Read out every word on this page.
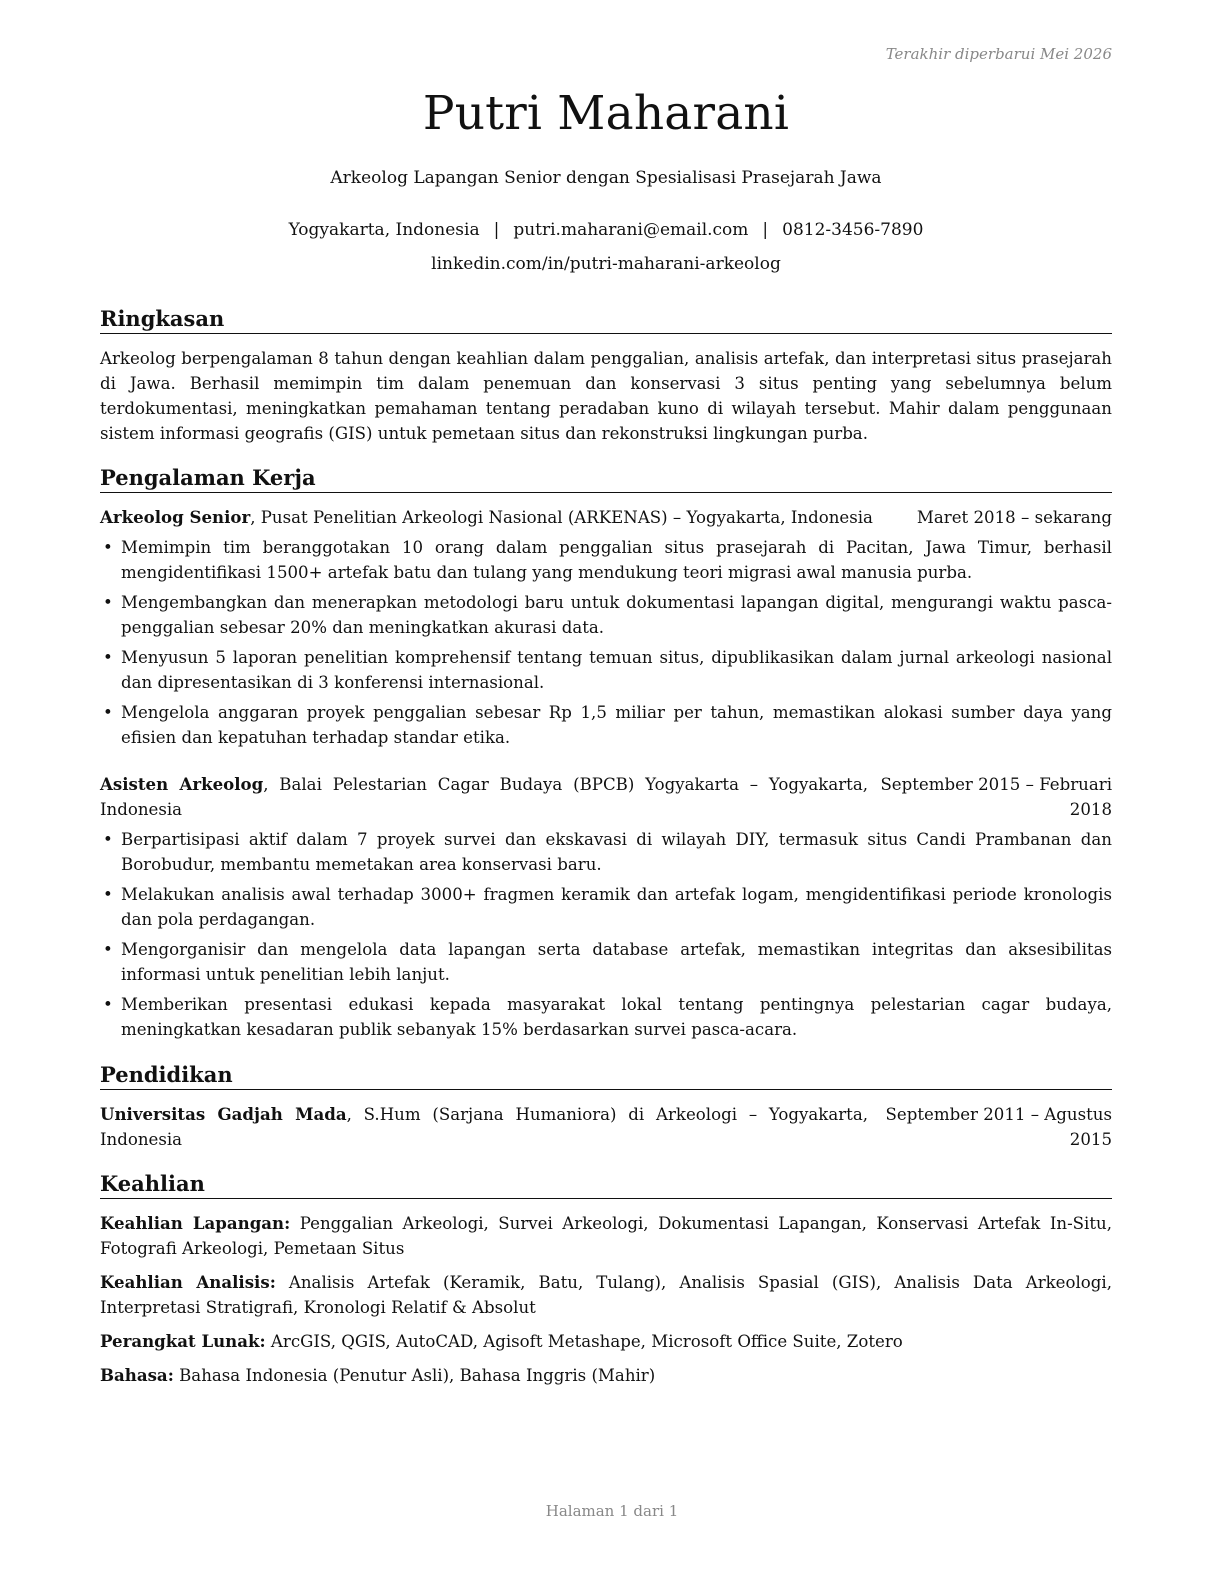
Terakhir diperbarui Mei 2026
Putri Maharani
Arkeolog Lapangan Senior dengan Spesialisasi Prasejarah Jawa
Yogyakarta, Indonesia | putri.maharani@email.com | 0812-3456-7890
linkedin.com/in/putri-maharani-arkeolog
Ringkasan

Arkeolog berpengalaman 8 tahun dengan keahlian dalam penggalian, analisis artefak, dan interpretasi situs prasejarah di Jawa. Berhasil memimpin tim dalam penemuan dan konservasi 3 situs penting yang sebelumnya belum terdokumentasi, meningkatkan pemahaman tentang peradaban kuno di wilayah tersebut. Mahir dalam penggunaan sistem informasi geografis (GIS) untuk pemetaan situs dan rekonstruksi lingkungan purba.

Pengalaman Kerja
Arkeolog Senior, Pusat Penelitian Arkeologi Nasional (ARKENAS) – Yogyakarta, Indonesia	Maret 2018 – sekarang
• Memimpin tim beranggotakan 10 orang dalam penggalian situs prasejarah di Pacitan, Jawa Timur, berhasil mengidentifikasi 1500+ artefak batu dan tulang yang mendukung teori migrasi awal manusia purba.
• Mengembangkan dan menerapkan metodologi baru untuk dokumentasi lapangan digital, mengurangi waktu pasca-penggalian sebesar 20% dan meningkatkan akurasi data.
• Menyusun 5 laporan penelitian komprehensif tentang temuan situs, dipublikasikan dalam jurnal arkeologi nasional dan dipresentasikan di 3 konferensi internasional.
• Mengelola anggaran proyek penggalian sebesar Rp 1,5 miliar per tahun, memastikan alokasi sumber daya yang efisien dan kepatuhan terhadap standar etika.
Asisten Arkeolog, Balai Pelestarian Cagar Budaya (BPCB) Yogyakarta – Yogyakarta, Indonesia
September 2015 – Februari 2018
• Berpartisipasi aktif dalam 7 proyek survei dan ekskavasi di wilayah DIY, termasuk situs Candi Prambanan dan Borobudur, membantu memetakan area konservasi baru.
• Melakukan analisis awal terhadap 3000+ fragmen keramik dan artefak logam, mengidentifikasi periode kronologis dan pola perdagangan.
• Mengorganisir dan mengelola data lapangan serta database artefak, memastikan integritas dan aksesibilitas informasi untuk penelitian lebih lanjut.
• Memberikan presentasi edukasi kepada masyarakat lokal tentang pentingnya pelestarian cagar budaya, meningkatkan kesadaran publik sebanyak 15% berdasarkan survei pasca-acara.
Pendidikan
Universitas Gadjah Mada, S.Hum (Sarjana Humaniora) di Arkeologi – Yogyakarta, Indonesia
September 2011 – Agustus 2015
Keahlian
Keahlian Lapangan: Penggalian Arkeologi, Survei Arkeologi, Dokumentasi Lapangan, Konservasi Artefak In-Situ, Fotografi Arkeologi, Pemetaan Situs
Keahlian Analisis: Analisis Artefak (Keramik, Batu, Tulang), Analisis Spasial (GIS), Analisis Data Arkeologi, Interpretasi Stratigrafi, Kronologi Relatif & Absolut
Perangkat Lunak: ArcGIS, QGIS, AutoCAD, Agisoft Metashape, Microsoft Office Suite, Zotero
Bahasa: Bahasa Indonesia (Penutur Asli), Bahasa Inggris (Mahir)
Halaman 1 dari 1
